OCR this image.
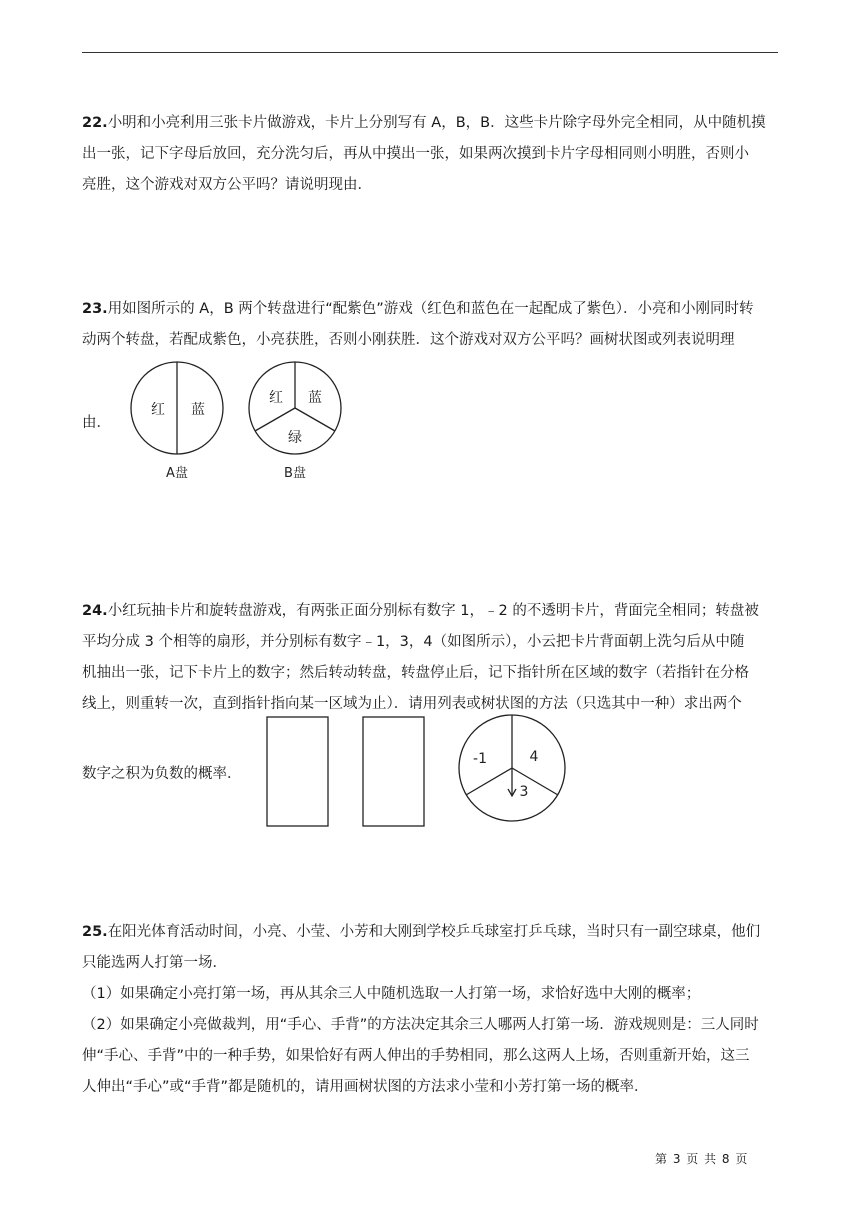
22.小明和小亮利用三张卡片做游戏，卡片上分别写有 A，B，B．这些卡片除字母外完全相同，从中随机摸
出一张，记下字母后放回，充分洗匀后，再从中摸出一张，如果两次摸到卡片字母相同则小明胜，否则小
亮胜，这个游戏对双方公平吗？请说明现由．
23.用如图所示的 A，B 两个转盘进行“配紫色”游戏（红色和蓝色在一起配成了紫色）．小亮和小刚同时转
动两个转盘，若配成紫色，小亮获胜，否则小刚获胜．这个游戏对双方公平吗？画树状图或列表说明理
由．
红 蓝
A盘
红 蓝
绿
B盘
24.小红玩抽卡片和旋转盘游戏，有两张正面分别标有数字 1，﹣2 的不透明卡片，背面完全相同；转盘被
平均分成 3 个相等的扇形，并分别标有数字﹣1，3，4（如图所示），小云把卡片背面朝上洗匀后从中随
机抽出一张，记下卡片上的数字；然后转动转盘，转盘停止后，记下指针所在区域的数字（若指针在分格
线上，则重转一次，直到指针指向某一区域为止）．请用列表或树状图的方法（只选其中一种）求出两个
数字之积为负数的概率．
-1	4
3
25.在阳光体育活动时间，小亮、小莹、小芳和大刚到学校乒乓球室打乒乓球，当时只有一副空球桌，他们
只能选两人打第一场．
（1）如果确定小亮打第一场，再从其余三人中随机选取一人打第一场，求恰好选中大刚的概率；
（2）如果确定小亮做裁判，用“手心、手背”的方法决定其余三人哪两人打第一场．游戏规则是：三人同时
伸“手心、手背”中的一种手势，如果恰好有两人伸出的手势相同，那么这两人上场，否则重新开始，这三
人伸出“手心”或“手背”都是随机的，请用画树状图的方法求小莹和小芳打第一场的概率．
第 3 页 共 8 页
